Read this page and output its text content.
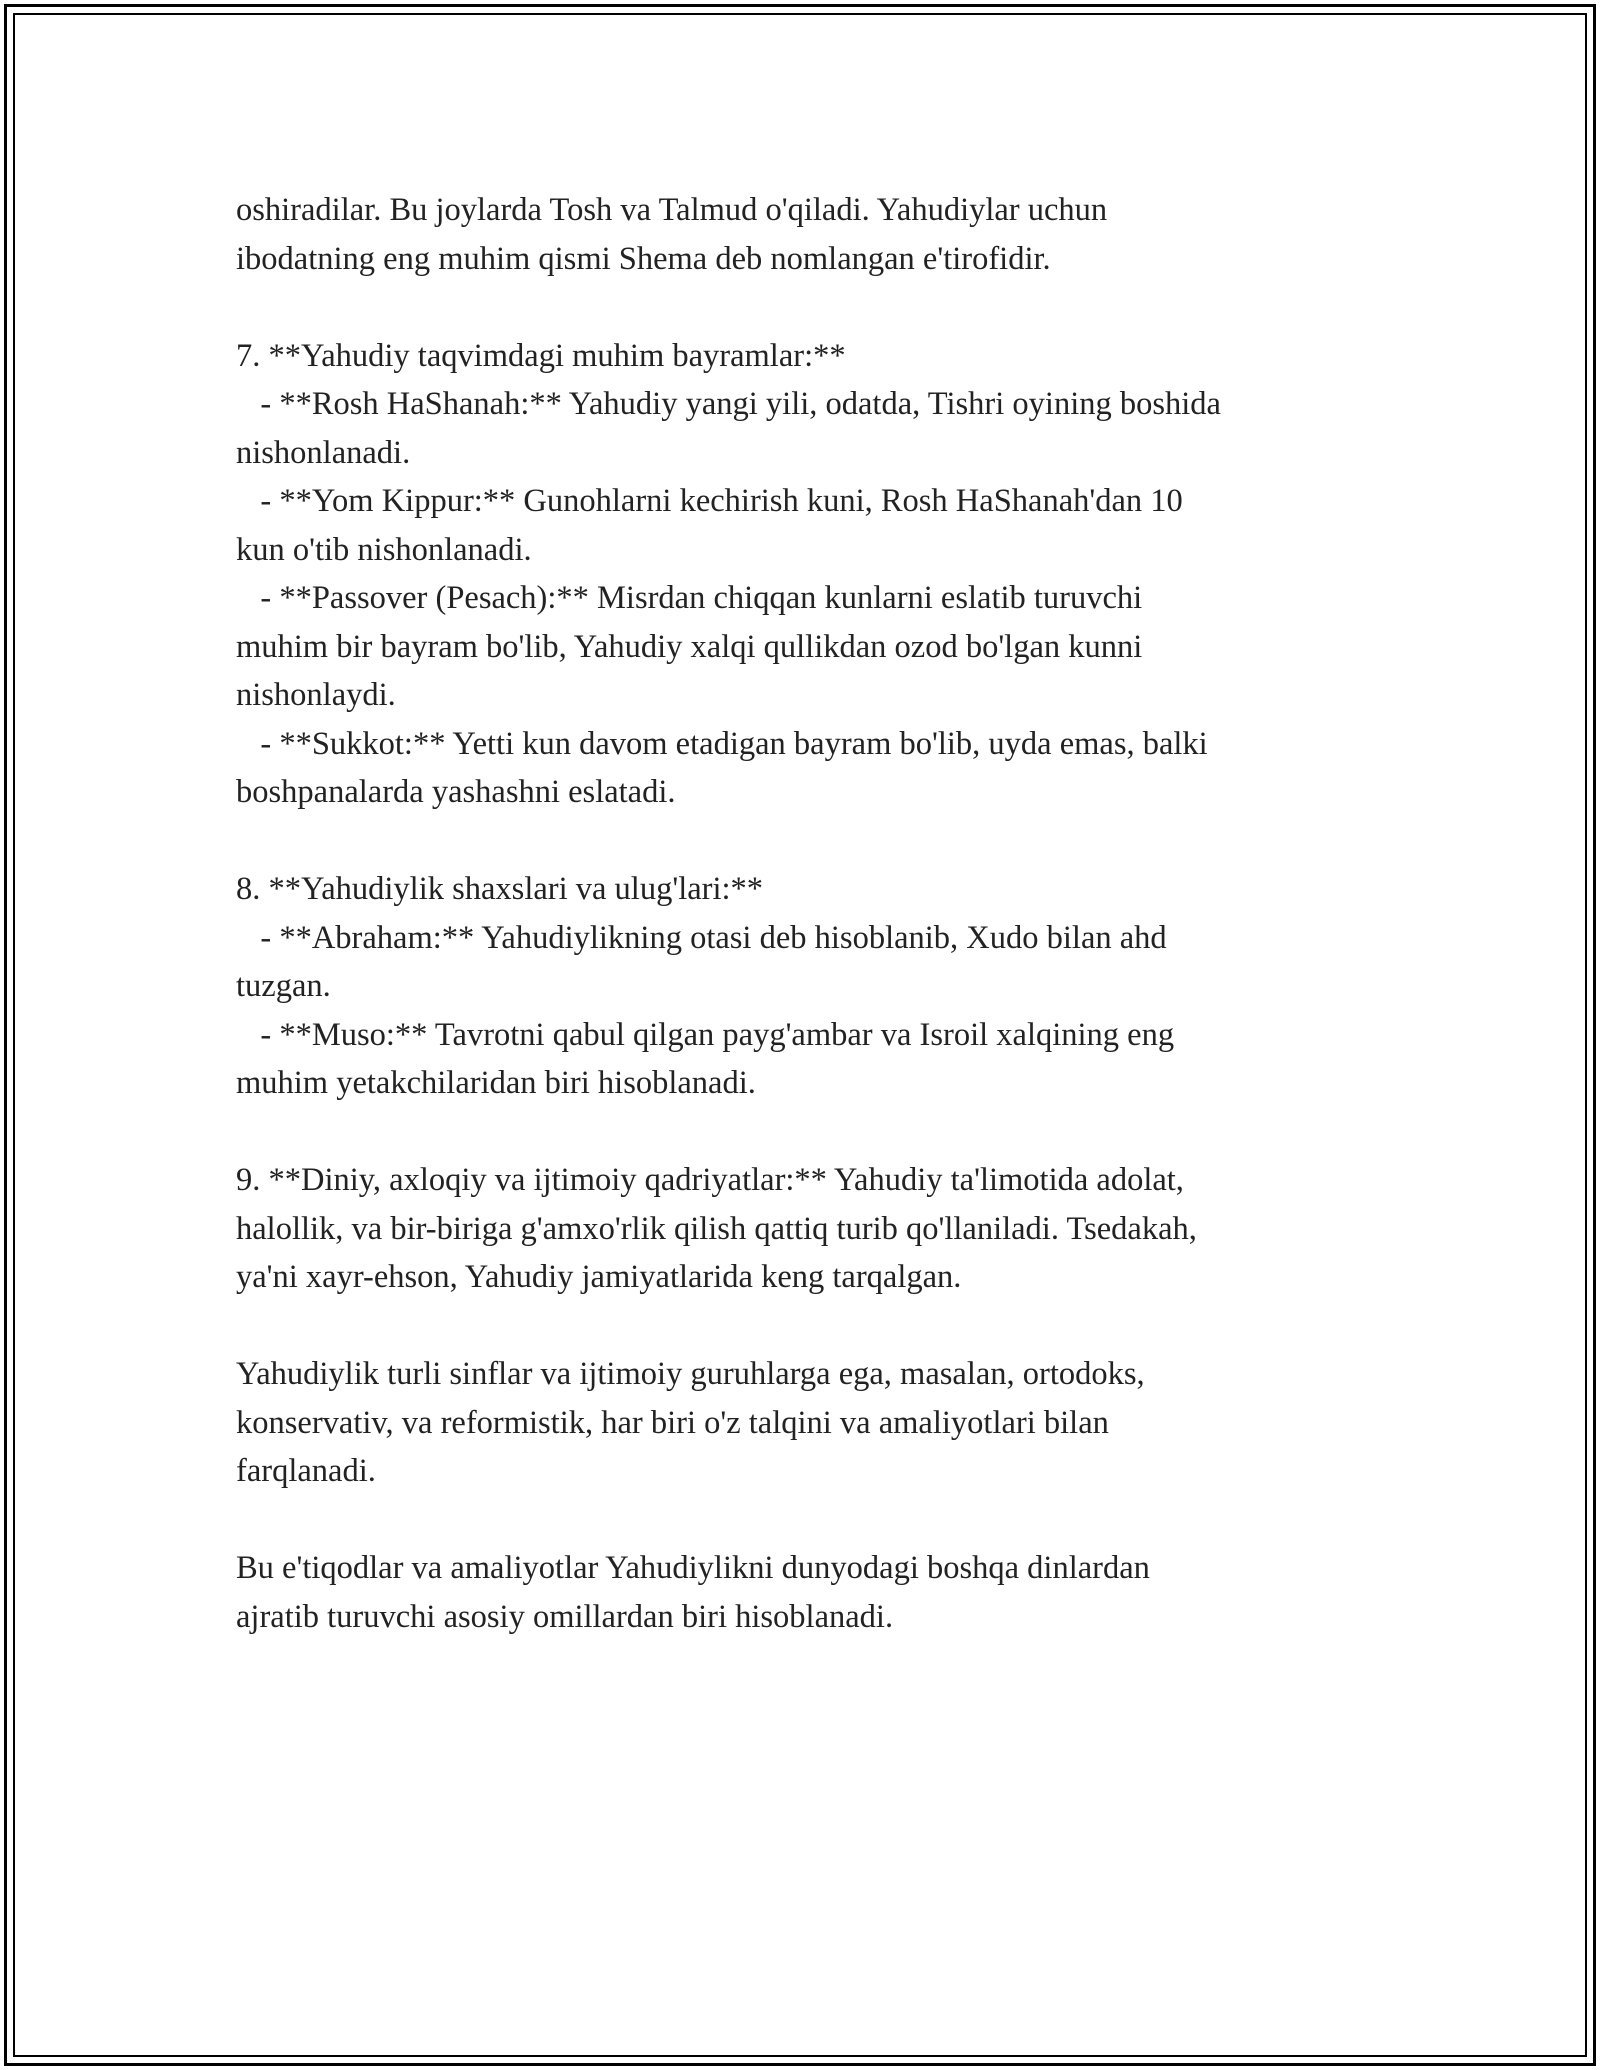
oshiradilar. Bu joylarda Tosh va Talmud o'qiladi. Yahudiylar uchun
ibodatning eng muhim qismi Shema deb nomlangan e'tirofidir.
7. **Yahudiy taqvimdagi muhim bayramlar:**
- **Rosh HaShanah:** Yahudiy yangi yili, odatda, Tishri oyining boshida
nishonlanadi.
- **Yom Kippur:** Gunohlarni kechirish kuni, Rosh HaShanah'dan 10
kun o'tib nishonlanadi.
- **Passover (Pesach):** Misrdan chiqqan kunlarni eslatib turuvchi
muhim bir bayram bo'lib, Yahudiy xalqi qullikdan ozod bo'lgan kunni
nishonlaydi.
- **Sukkot:** Yetti kun davom etadigan bayram bo'lib, uyda emas, balki
boshpanalarda yashashni eslatadi.
8. **Yahudiylik shaxslari va ulug'lari:**
- **Abraham:** Yahudiylikning otasi deb hisoblanib, Xudo bilan ahd
tuzgan.
- **Muso:** Tavrotni qabul qilgan payg'ambar va Isroil xalqining eng
muhim yetakchilaridan biri hisoblanadi.
9. **Diniy, axloqiy va ijtimoiy qadriyatlar:** Yahudiy ta'limotida adolat,
halollik, va bir-biriga g'amxo'rlik qilish qattiq turib qo'llaniladi. Tsedakah,
ya'ni xayr-ehson, Yahudiy jamiyatlarida keng tarqalgan.
Yahudiylik turli sinflar va ijtimoiy guruhlarga ega, masalan, ortodoks,
konservativ, va reformistik, har biri o'z talqini va amaliyotlari bilan
farqlanadi.
Bu e'tiqodlar va amaliyotlar Yahudiylikni dunyodagi boshqa dinlardan
ajratib turuvchi asosiy omillardan biri hisoblanadi.
